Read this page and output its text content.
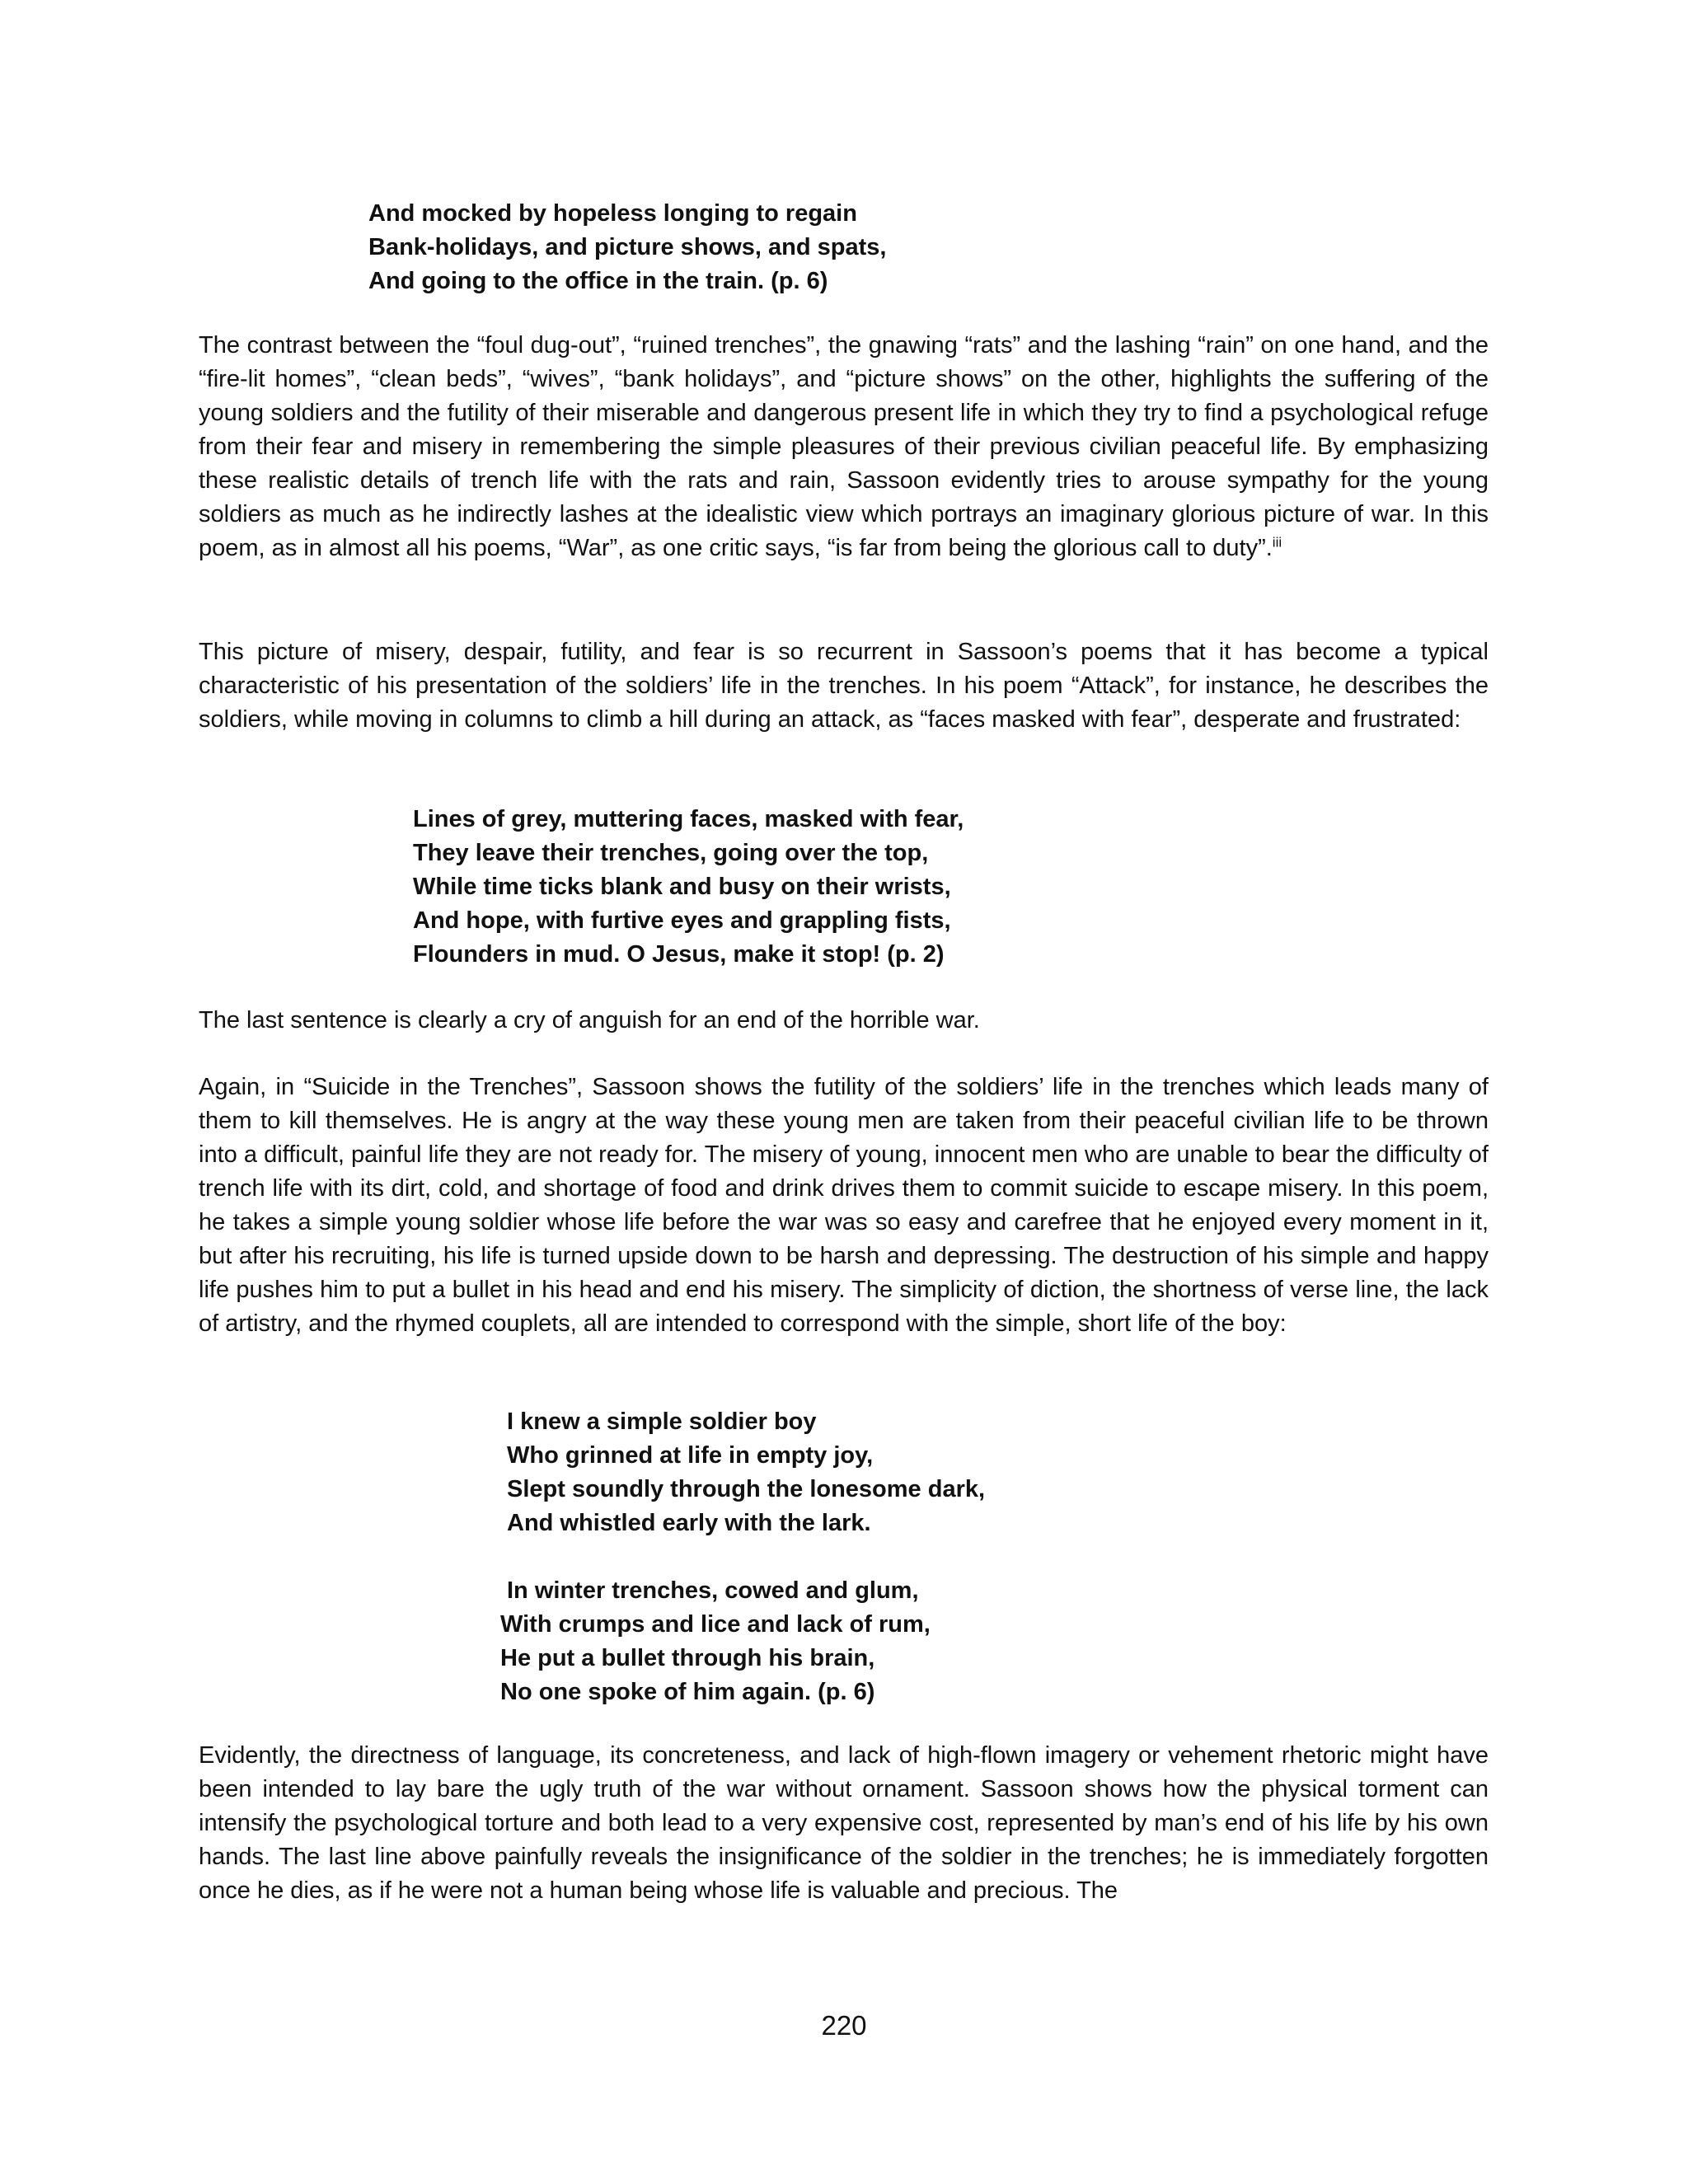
And mocked by hopeless longing to regain
Bank-holidays, and picture shows, and spats,
And going to the office in the train. (p. 6)

The contrast between the “foul dug-out”, “ruined trenches”, the gnawing “rats” and the lashing “rain” on one hand, and the “fire-lit homes”, “clean beds”, “wives”, “bank holidays”, and “picture shows” on the other, highlights the suffering of the young soldiers and the futility of their miserable and dangerous present life in which they try to find a psychological refuge from their fear and misery in remembering the simple pleasures of their previous civilian peaceful life. By emphasizing these realistic details of trench life with the rats and rain, Sassoon evidently tries to arouse sympathy for the young soldiers as much as he indirectly lashes at the idealistic view which portrays an imaginary glorious picture of war. In this poem, as in almost all his poems, “War”, as one critic says, “is far from being the glorious call to duty”.$^{iii}$

This picture of misery, despair, futility, and fear is so recurrent in Sassoon’s poems that it has become a typical characteristic of his presentation of the soldiers’ life in the trenches. In his poem “Attack”, for instance, he describes the soldiers, while moving in columns to climb a hill during an attack, as “faces masked with fear”, desperate and frustrated:

Lines of grey, muttering faces, masked with fear,
They leave their trenches, going over the top,
While time ticks blank and busy on their wrists,
And hope, with furtive eyes and grappling fists,
Flounders in mud. O Jesus, make it stop! (p. 2)

The last sentence is clearly a cry of anguish for an end of the horrible war.

Again, in “Suicide in the Trenches”, Sassoon shows the futility of the soldiers’ life in the trenches which leads many of them to kill themselves. He is angry at the way these young men are taken from their peaceful civilian life to be thrown into a difficult, painful life they are not ready for. The misery of young, innocent men who are unable to bear the difficulty of trench life with its dirt, cold, and shortage of food and drink drives them to commit suicide to escape misery. In this poem, he takes a simple young soldier whose life before the war was so easy and carefree that he enjoyed every moment in it, but after his recruiting, his life is turned upside down to be harsh and depressing. The destruction of his simple and happy life pushes him to put a bullet in his head and end his misery. The simplicity of diction, the shortness of verse line, the lack of artistry, and the rhymed couplets, all are intended to correspond with the simple, short life of the boy:

I knew a simple soldier boy
Who grinned at life in empty joy,
Slept soundly through the lonesome dark,
And whistled early with the lark.
In winter trenches, cowed and glum,
With crumps and lice and lack of rum,
He put a bullet through his brain,
No one spoke of him again. (p. 6)

Evidently, the directness of language, its concreteness, and lack of high-flown imagery or vehement rhetoric might have been intended to lay bare the ugly truth of the war without ornament. Sassoon shows how the physical torment can intensify the psychological torture and both lead to a very expensive cost, represented by man’s end of his life by his own hands. The last line above painfully reveals the insignificance of the soldier in the trenches; he is immediately forgotten once he dies, as if he were not a human being whose life is valuable and precious. The

220
